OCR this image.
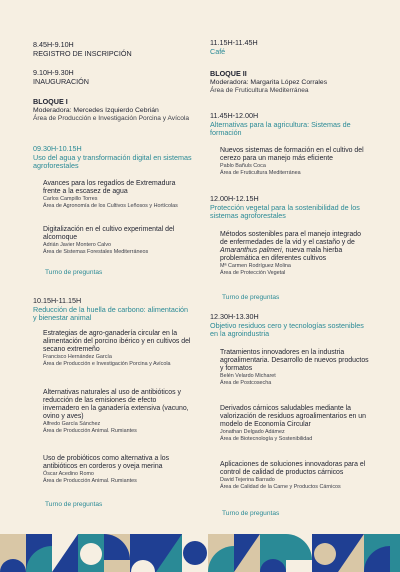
8.45H-9.10H
REGISTRO DE INSCRIPCIÓN
9.10H-9.30H
INAUGURACIÓN
BLOQUE I
Moderadora: Mercedes Izquierdo Cebrián
Área de Producción e Investigación Porcina y Avícola
09.30H-10.15H
Uso del agua y transformación digital en sistemas agroforestales
Avances para los regadíos de Extremadura frente a la escasez de agua
Carlos Campillo Torres
Área de Agronomía de los Cultivos Leñosos y Hortícolas
Digitalización en el cultivo experimental del alcornoque
Adrián Javier Montero Calvo
Área de Sistemas Forestales Mediterráneos
Turno de preguntas
10.15H-11.15H
Reducción de la huella de carbono: alimentación y bienestar animal
Estrategias de agro-ganadería circular en la alimentación del porcino ibérico y en cultivos del secano extremeño
Francisco Hernández García
Área de Producción e Investigación Porcina y Avícola
Alternativas naturales al uso de antibióticos y reducción de las emisiones de efecto invernadero en la ganadería extensiva (vacuno, ovino y aves)
Alfredo García Sánchez
Área de Producción Animal. Rumiantes
Uso de probióticos como alternativa a los antibióticos en corderos y oveja merina
Óscar Acedino Romo
Área de Producción Animal. Rumiantes
Turno de preguntas
11.15H-11.45H
Café
BLOQUE II
Moderadora: Margarita López Corrales
Área de Fruticultura Mediterránea
11.45H-12.00H
Alternativas para la agricultura: Sistemas de formación
Nuevos sistemas de formación en el cultivo del cerezo para un manejo más eficiente
Pablo Bañuls Coca
Área de Fruticultura Mediterránea
12.00H-12.15H
Protección vegetal para la sostenibilidad de los sistemas agroforestales
Métodos sostenibles para el manejo integrado de enfermedades de la vid y el castaño y de Amaranthus palmeri, nueva mala hierba problemática en diferentes cultivos
Mª Carmen Rodríguez Molina
Área de Protección Vegetal
Turno de preguntas
12.30H-13.30H
Objetivo residuos cero y tecnologías sostenibles en la agroindustria
Tratamientos innovadores en la industria agroalimentaria. Desarrollo de nuevos productos y formatos
Belén Velardo Micharet
Área de Postcosecha
Derivados cárnicos saludables mediante la valorización de residuos agroalimentarios en un modelo de Economía Circular
Jonathan Delgado Adámez
Área de Biotecnología y Sostenibilidad
Aplicaciones de soluciones innovadoras para el control de calidad de productos cárnicos
David Tejerina Barrado
Área de Calidad de la Carne y Productos Cárnicos
Turno de preguntas
